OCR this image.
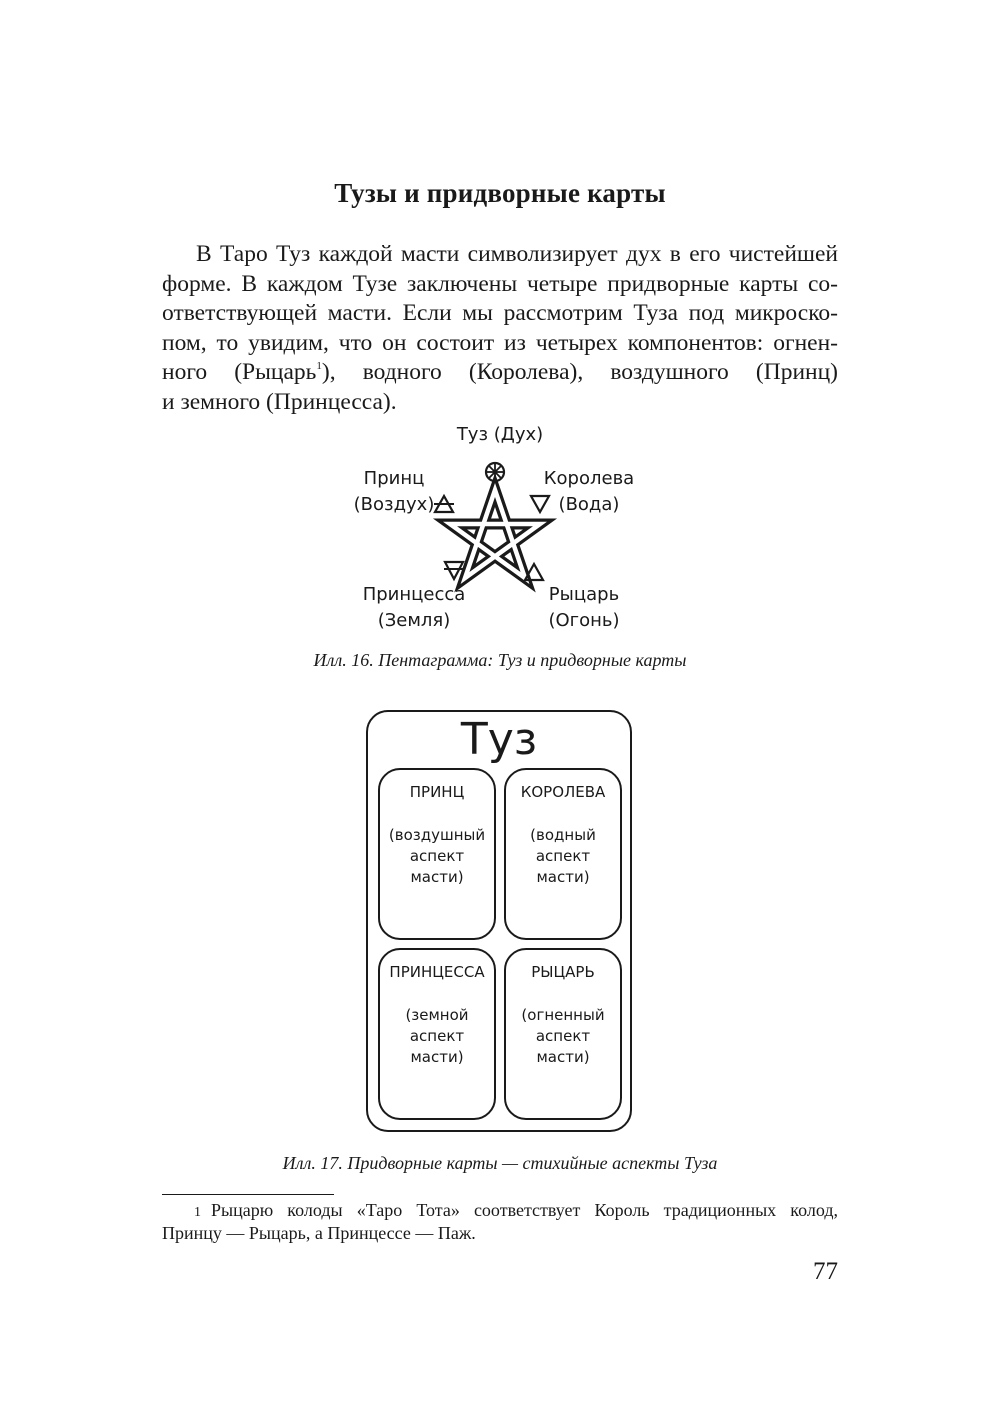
Тузы и придворные карты

В Таро Туз каждой масти символизирует дух в его чистейшей
форме. В каждом Тузе заключены четыре придворные карты со-
ответствующей масти. Если мы рассмотрим Туза под микроско-
пом, то увидим, что он состоит из четырех компонентов: огнен-
ного (Рыцарь$^1$), водного (Королева), воздушного (Принц)
и земного (Принцесса).

Туз (Дух)
Принц
(Воздух)
Королева
(Вода)
Принцесса
(Земля)
Рыцарь
(Огонь)
Илл. 16. Пентаграмма: Туз и придворные карты
Туз
ПРИНЦ
(воздушный аспект масти)
КОРОЛЕВА
(водный аспект масти)
ПРИНЦЕССА
(земной аспект масти)
РЫЦАРЬ
(огненный аспект масти)
Илл. 17. Придворные карты — стихийные аспекты Туза

1 Рыцарю колоды «Таро Тота» соответствует Король традиционных колод,
Принцу — Рыцарь, а Принцессе — Паж.

77
